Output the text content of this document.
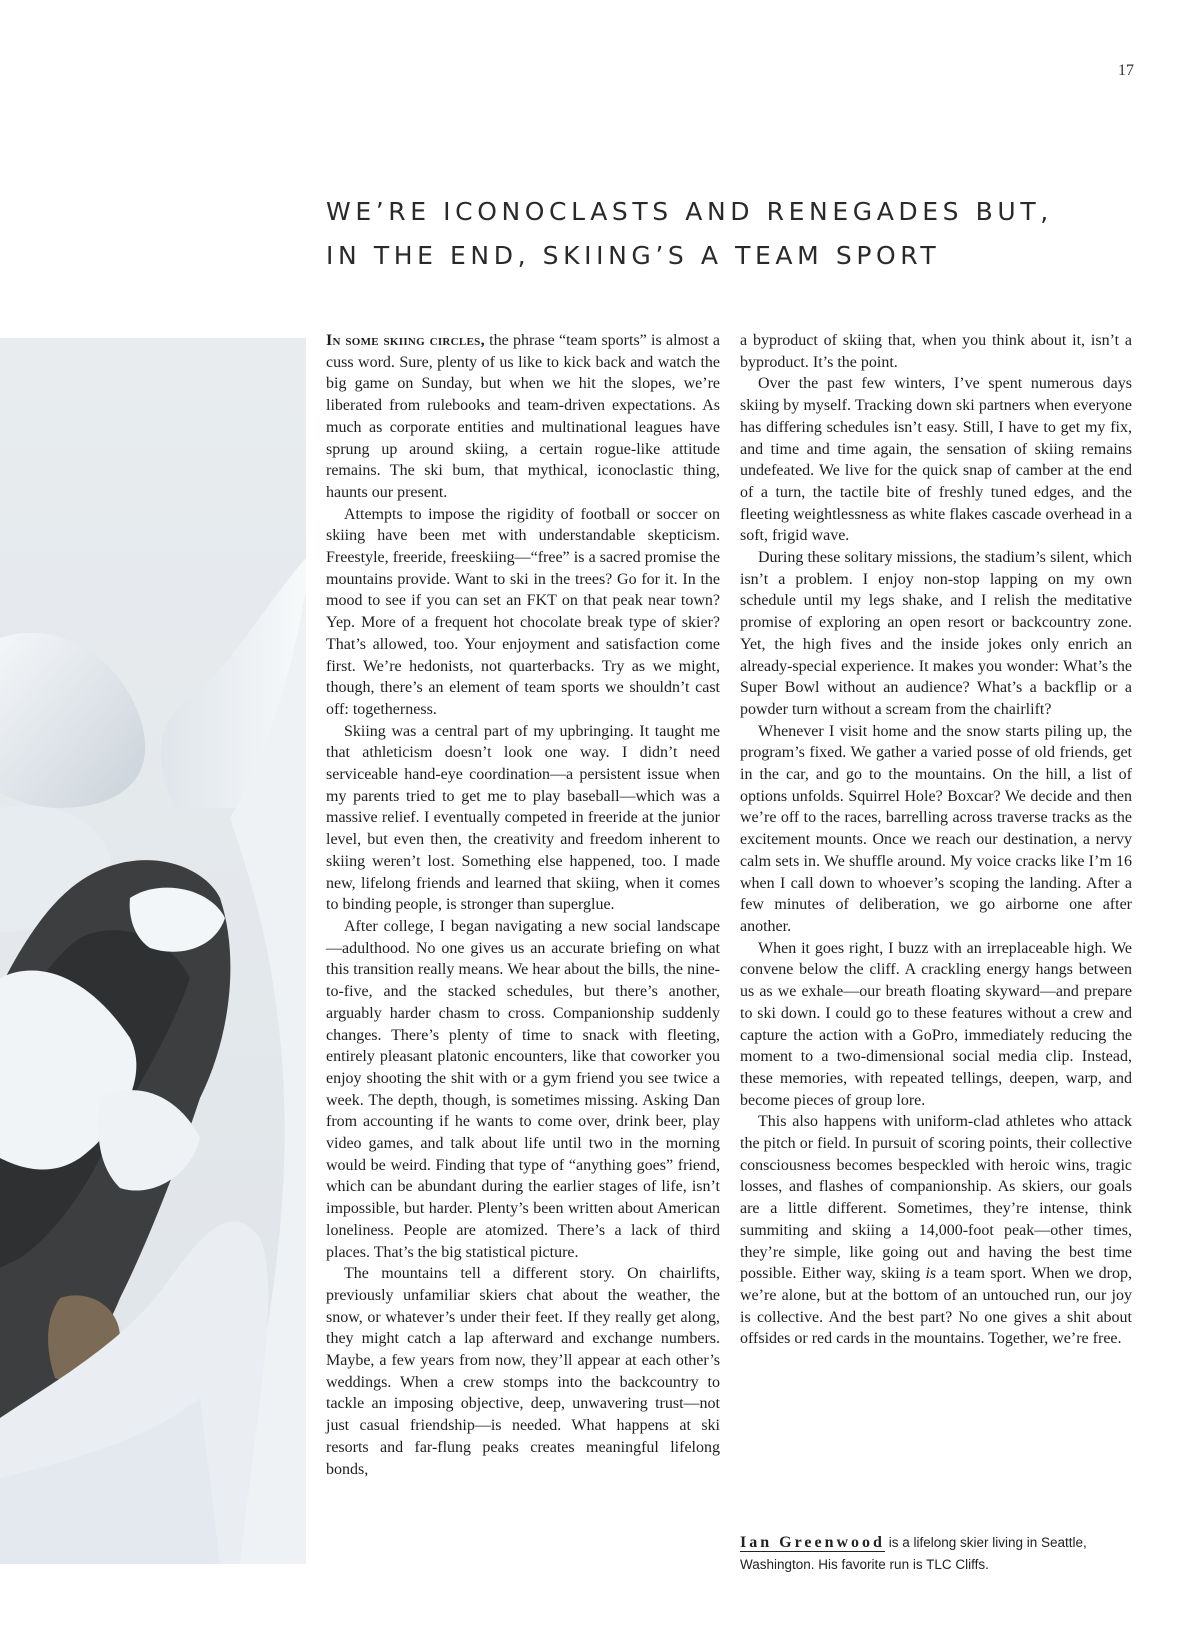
17
WE’RE ICONOCLASTS AND RENEGADES BUT,
IN THE END, SKIING’S A TEAM SPORT

In some skiing circles, the phrase “team sports” is almost a cuss word. Sure, plenty of us like to kick back and watch the big game on Sunday, but when we hit the slopes, we’re liberated from rulebooks and team-driven expectations. As much as corporate entities and multinational leagues have sprung up around skiing, a certain rogue-like attitude remains. The ski bum, that mythical, iconoclastic thing, haunts our present.

Attempts to impose the rigidity of football or soccer on skiing have been met with understandable skepticism. Freestyle, freeride, freeskiing—“free” is a sacred promise the mountains provide. Want to ski in the trees? Go for it. In the mood to see if you can set an FKT on that peak near town? Yep. More of a frequent hot chocolate break type of skier? That’s allowed, too. Your enjoyment and satisfaction come first. We’re hedonists, not quarterbacks. Try as we might, though, there’s an element of team sports we shouldn’t cast off: togetherness.

Skiing was a central part of my upbringing. It taught me that athleticism doesn’t look one way. I didn’t need serviceable hand-eye coordination—a persistent issue when my parents tried to get me to play baseball—which was a massive relief. I eventually competed in freeride at the junior level, but even then, the creativity and freedom inherent to skiing weren’t lost. Something else happened, too. I made new, lifelong friends and learned that skiing, when it comes to binding people, is stronger than superglue.

After college, I began navigating a new social landscape—adulthood. No one gives us an accurate briefing on what this transition really means. We hear about the bills, the nine-to-five, and the stacked schedules, but there’s another, arguably harder chasm to cross. Companionship suddenly changes. There’s plenty of time to snack with fleeting, entirely pleasant platonic encounters, like that coworker you enjoy shooting the shit with or a gym friend you see twice a week. The depth, though, is sometimes missing. Asking Dan from accounting if he wants to come over, drink beer, play video games, and talk about life until two in the morning would be weird. Finding that type of “anything goes” friend, which can be abundant during the earlier stages of life, isn’t impossible, but harder. Plenty’s been written about American loneliness. People are atomized. There’s a lack of third places. That’s the big statistical picture.

The mountains tell a different story. On chairlifts, previously unfamiliar skiers chat about the weather, the snow, or whatever’s under their feet. If they really get along, they might catch a lap afterward and exchange numbers. Maybe, a few years from now, they’ll appear at each other’s weddings. When a crew stomps into the backcountry to tackle an imposing objective, deep, unwavering trust—not just casual friendship—is needed. What happens at ski resorts and far-flung peaks creates meaningful lifelong bonds,

a byproduct of skiing that, when you think about it, isn’t a byproduct. It’s the point.

Over the past few winters, I’ve spent numerous days skiing by myself. Tracking down ski partners when everyone has differing schedules isn’t easy. Still, I have to get my fix, and time and time again, the sensation of skiing remains undefeated. We live for the quick snap of camber at the end of a turn, the tactile bite of freshly tuned edges, and the fleeting weightlessness as white flakes cascade overhead in a soft, frigid wave.

During these solitary missions, the stadium’s silent, which isn’t a problem. I enjoy non-stop lapping on my own schedule until my legs shake, and I relish the meditative promise of exploring an open resort or backcountry zone. Yet, the high fives and the inside jokes only enrich an already-special experience. It makes you wonder: What’s the Super Bowl without an audience? What’s a backflip or a powder turn without a scream from the chairlift?

Whenever I visit home and the snow starts piling up, the program’s fixed. We gather a varied posse of old friends, get in the car, and go to the mountains. On the hill, a list of options unfolds. Squirrel Hole? Boxcar? We decide and then we’re off to the races, barrelling across traverse tracks as the excitement mounts. Once we reach our destination, a nervy calm sets in. We shuffle around. My voice cracks like I’m 16 when I call down to whoever’s scoping the landing. After a few minutes of deliberation, we go airborne one after another.

When it goes right, I buzz with an irreplaceable high. We convene below the cliff. A crackling energy hangs between us as we exhale—our breath floating skyward—and prepare to ski down. I could go to these features without a crew and capture the action with a GoPro, immediately reducing the moment to a two-dimensional social media clip. Instead, these memories, with repeated tellings, deepen, warp, and become pieces of group lore.

This also happens with uniform-clad athletes who attack the pitch or field. In pursuit of scoring points, their collective consciousness becomes bespeckled with heroic wins, tragic losses, and flashes of companionship. As skiers, our goals are a little different. Sometimes, they’re intense, think summiting and skiing a 14,000-foot peak—other times, they’re simple, like going out and having the best time possible. Either way, skiing is a team sport. When we drop, we’re alone, but at the bottom of an untouched run, our joy is collective. And the best part? No one gives a shit about offsides or red cards in the mountains. Together, we’re free.

Ian Greenwood is a lifelong skier living in Seattle, Washington. His favorite run is TLC Cliffs.
